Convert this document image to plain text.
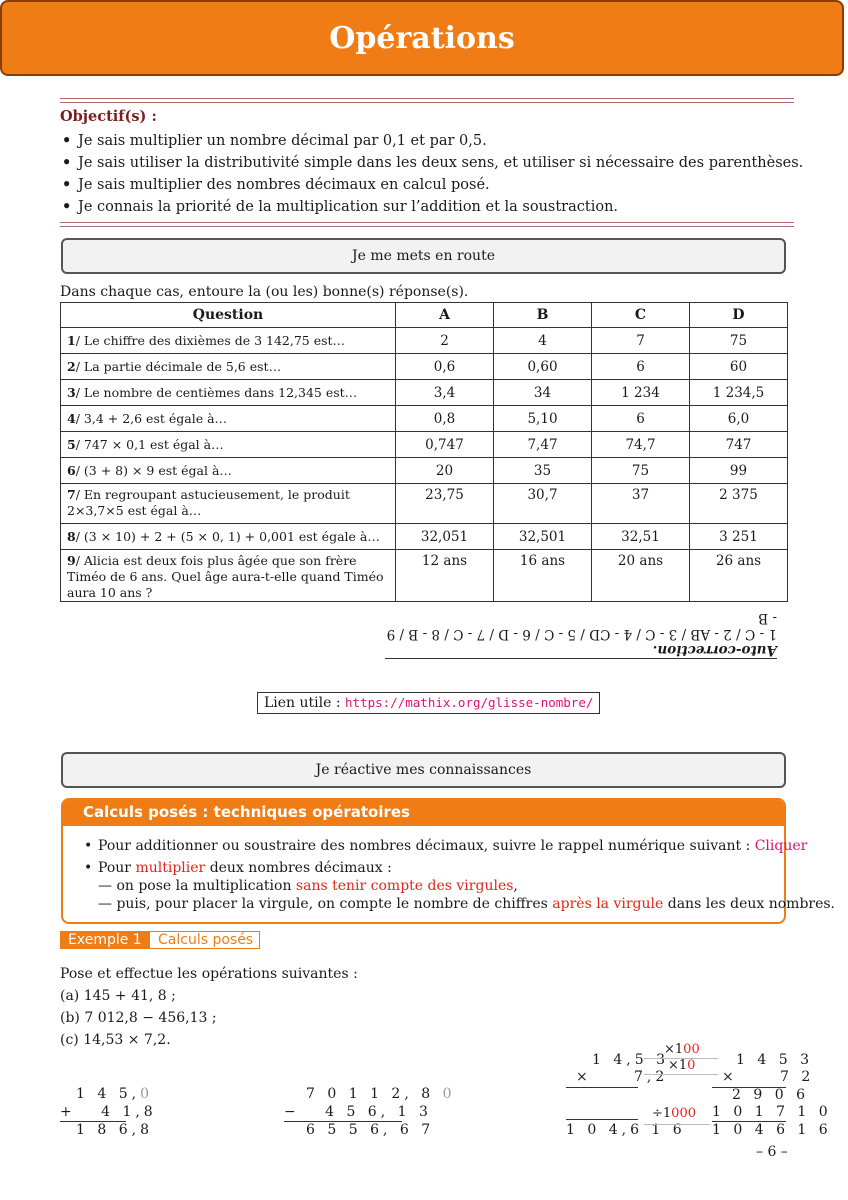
Opérations
Objectif(s) :
• Je sais multiplier un nombre décimal par 0,1 et par 0,5.
• Je sais utiliser la distributivité simple dans les deux sens, et utiliser si nécessaire des parenthèses.
• Je sais multiplier des nombres décimaux en calcul posé.
• Je connais la priorité de la multiplication sur l’addition et la soustraction.
Je me mets en route
Dans chaque cas, entoure la (ou les) bonne(s) réponse(s).
Question	A	B	C	D
1/ Le chiffre des dixièmes de 3 142,75 est…	2	4	7	75
2/ La partie décimale de 5,6 est…	0,6	0,60	6	60
3/ Le nombre de centièmes dans 12,345 est…	3,4	34	1 234	1 234,5
4/ 3,4 + 2,6 est égale à…	0,8	5,10	6	6,0
5/ 747 × 0,1 est égal à…	0,747	7,47	74,7	747
6/ (3 + 8) × 9 est égal à…	20	35	75	99
7/ En regroupant astucieusement, le produit 2×3,7×5 est égal à…	23,75	30,7	37	2 375
8/ (3 × 10) + 2 + (5 × 0, 1) + 0,001 est égale à…	32,051	32,501	32,51	3 251
9/ Alicia est deux fois plus âgée que son frère Timéo de 6 ans. Quel âge aura-t-elle quand Timéo aura 10 ans ?	12 ans	16 ans	20 ans	26 ans
Auto-correction.
1 - C / 2 - AB / 3 - C / 4 - CD / 5 - C / 6 - D / 7 - C / 8 - B / 9 - B
Lien utile : https://mathix.org/glisse-nombre/
Je réactive mes connaissances
Calculs posés : techniques opératoires
• Pour additionner ou soustraire des nombres décimaux, suivre le rappel numérique suivant : Cliquer
• Pour multiplier deux nombres décimaux :
— on pose la multiplication sans tenir compte des virgules,
— puis, pour placer la virgule, on compte le nombre de chiffres après la virgule dans les deux nombres.
Exemple 1	Calculs posés
Pose et effectue les opérations suivantes :
(a) 145 + 41, 8 ;
(b) 7 012,8 − 456,13 ;
(c) 14,53 × 7,2.
1 4 5,0
+   4 1,8
1 8 6,8
7 0 1 1 2, 8 0
−   4 5 6, 1 3
6 5 5 6, 6 7
1 4,5 3
×     7,2
1 0 4,6 1 6
×100
×10
÷1000
1 4 5 3
×     7 2
2 9 0 6
1 0 1 7 1 0
1 0 4 6 1 6
– 6 –
